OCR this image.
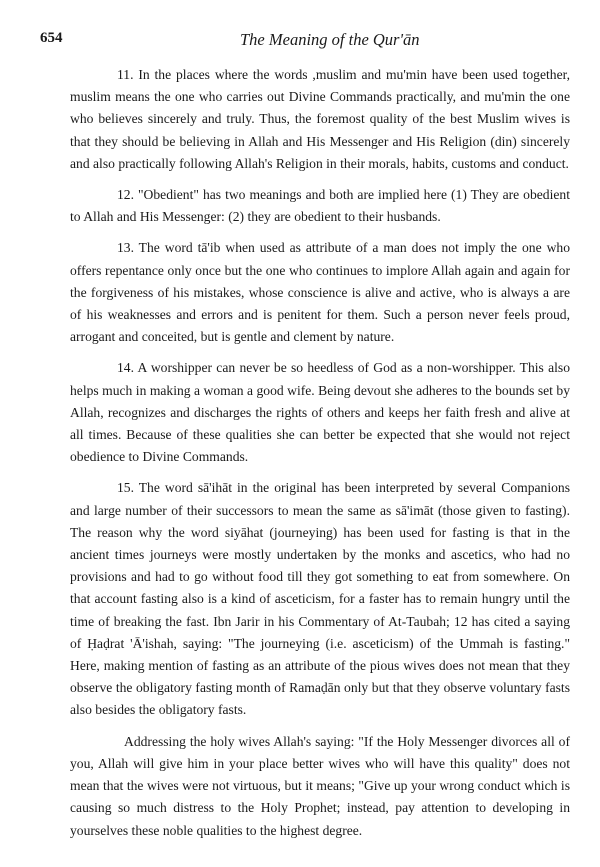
654	The Meaning of the Qur'ān

11. In the places where the words ,muslim and mu'min have been used together, muslim means the one who carries out Divine Commands practically, and mu'min the one who believes sincerely and truly. Thus, the foremost quality of the best Muslim wives is that they should be believing in Allah and His Messenger and His Religion (din) sincerely and also practically following Allah's Religion in their morals, habits, customs and conduct.

12. "Obedient" has two meanings and both are implied here (1) They are obedient to Allah and His Messenger: (2) they are obedient to their husbands.

13. The word tā'ib when used as attribute of a man does not imply the one who offers repentance only once but the one who continues to implore Allah again and again for the forgiveness of his mistakes, whose conscience is alive and active, who is always a are of his weaknesses and errors and is penitent for them. Such a person never feels proud, arrogant and conceited, but is gentle and clement by nature.

14. A worshipper can never be so heedless of God as a non-worshipper. This also helps much in making a woman a good wife. Being devout she adheres to the bounds set by Allah, recognizes and discharges the rights of others and keeps her faith fresh and alive at all times. Because of these qualities she can better be expected that she would not reject obedience to Divine Commands.

15. The word sā'ihāt in the original has been interpreted by several Companions and large number of their successors to mean the same as sā'imāt (those given to fasting). The reason why the word siyāhat (journeying) has been used for fasting is that in the ancient times journeys were mostly undertaken by the monks and ascetics, who had no provisions and had to go without food till they got something to eat from somewhere. On that account fasting also is a kind of asceticism, for a faster has to remain hungry until the time of breaking the fast. Ibn Jarir in his Commentary of At-Taubah; 12 has cited a saying of Ḥaḍrat 'Ā'ishah, saying: "The journeying (i.e. asceticism) of the Ummah is fasting." Here, making mention of fasting as an attribute of the pious wives does not mean that they observe the obligatory fasting month of Ramaḍān only but that they observe voluntary fasts also besides the obligatory fasts.

Addressing the holy wives Allah's saying: "If the Holy Messenger divorces all of you, Allah will give him in your place better wives who will have this quality" does not mean that the wives were not virtuous, but it means; "Give up your wrong conduct which is causing so much distress to the Holy Prophet; instead, pay attention to developing in yourselves these noble qualities to the highest degree.
